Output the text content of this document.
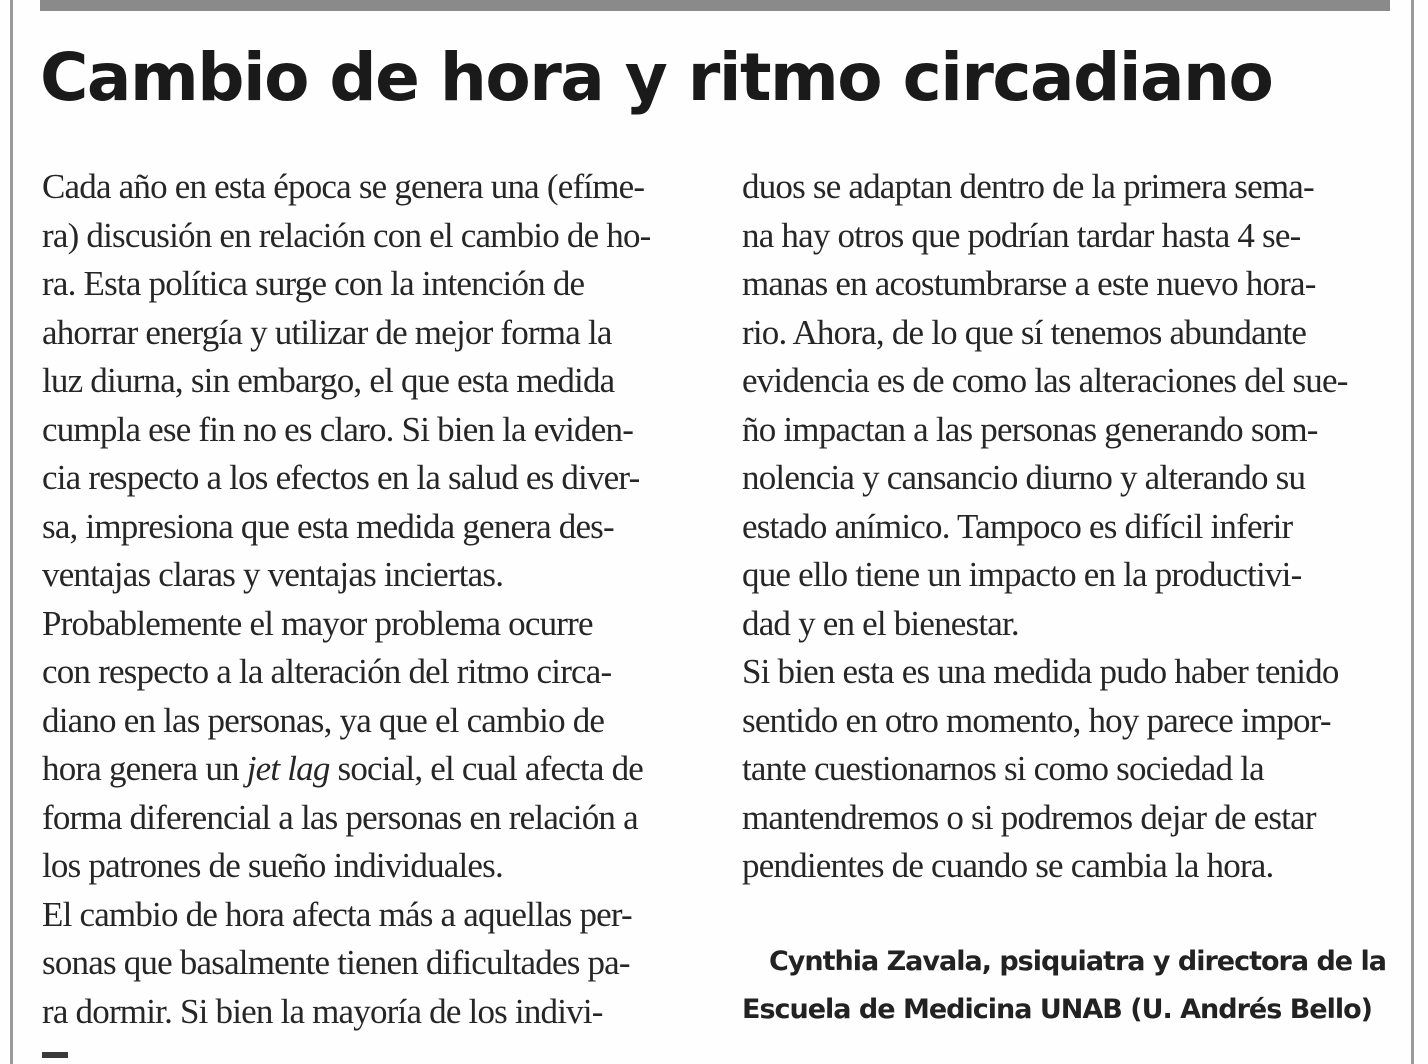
Cambio de hora y ritmo circadiano
Cada año en esta época se genera una (efíme-
ra) discusión en relación con el cambio de ho-
ra. Esta política surge con la intención de
ahorrar energía y utilizar de mejor forma la
luz diurna, sin embargo, el que esta medida
cumpla ese fin no es claro. Si bien la eviden-
cia respecto a los efectos en la salud es diver-
sa, impresiona que esta medida genera des-
ventajas claras y ventajas inciertas.
Probablemente el mayor problema ocurre
con respecto a la alteración del ritmo circa-
diano en las personas, ya que el cambio de
hora genera un jet lag social, el cual afecta de
forma diferencial a las personas en relación a
los patrones de sueño individuales.
El cambio de hora afecta más a aquellas per-
sonas que basalmente tienen dificultades pa-
ra dormir. Si bien la mayoría de los indivi-
duos se adaptan dentro de la primera sema-
na hay otros que podrían tardar hasta 4 se-
manas en acostumbrarse a este nuevo hora-
rio. Ahora, de lo que sí tenemos abundante
evidencia es de como las alteraciones del sue-
ño impactan a las personas generando som-
nolencia y cansancio diurno y alterando su
estado anímico. Tampoco es difícil inferir
que ello tiene un impacto en la productivi-
dad y en el bienestar.
Si bien esta es una medida pudo haber tenido
sentido en otro momento, hoy parece impor-
tante cuestionarnos si como sociedad la
mantendremos o si podremos dejar de estar
pendientes de cuando se cambia la hora.
Cynthia Zavala, psiquiatra y directora de la
Escuela de Medicina UNAB (U. Andrés Bello)
